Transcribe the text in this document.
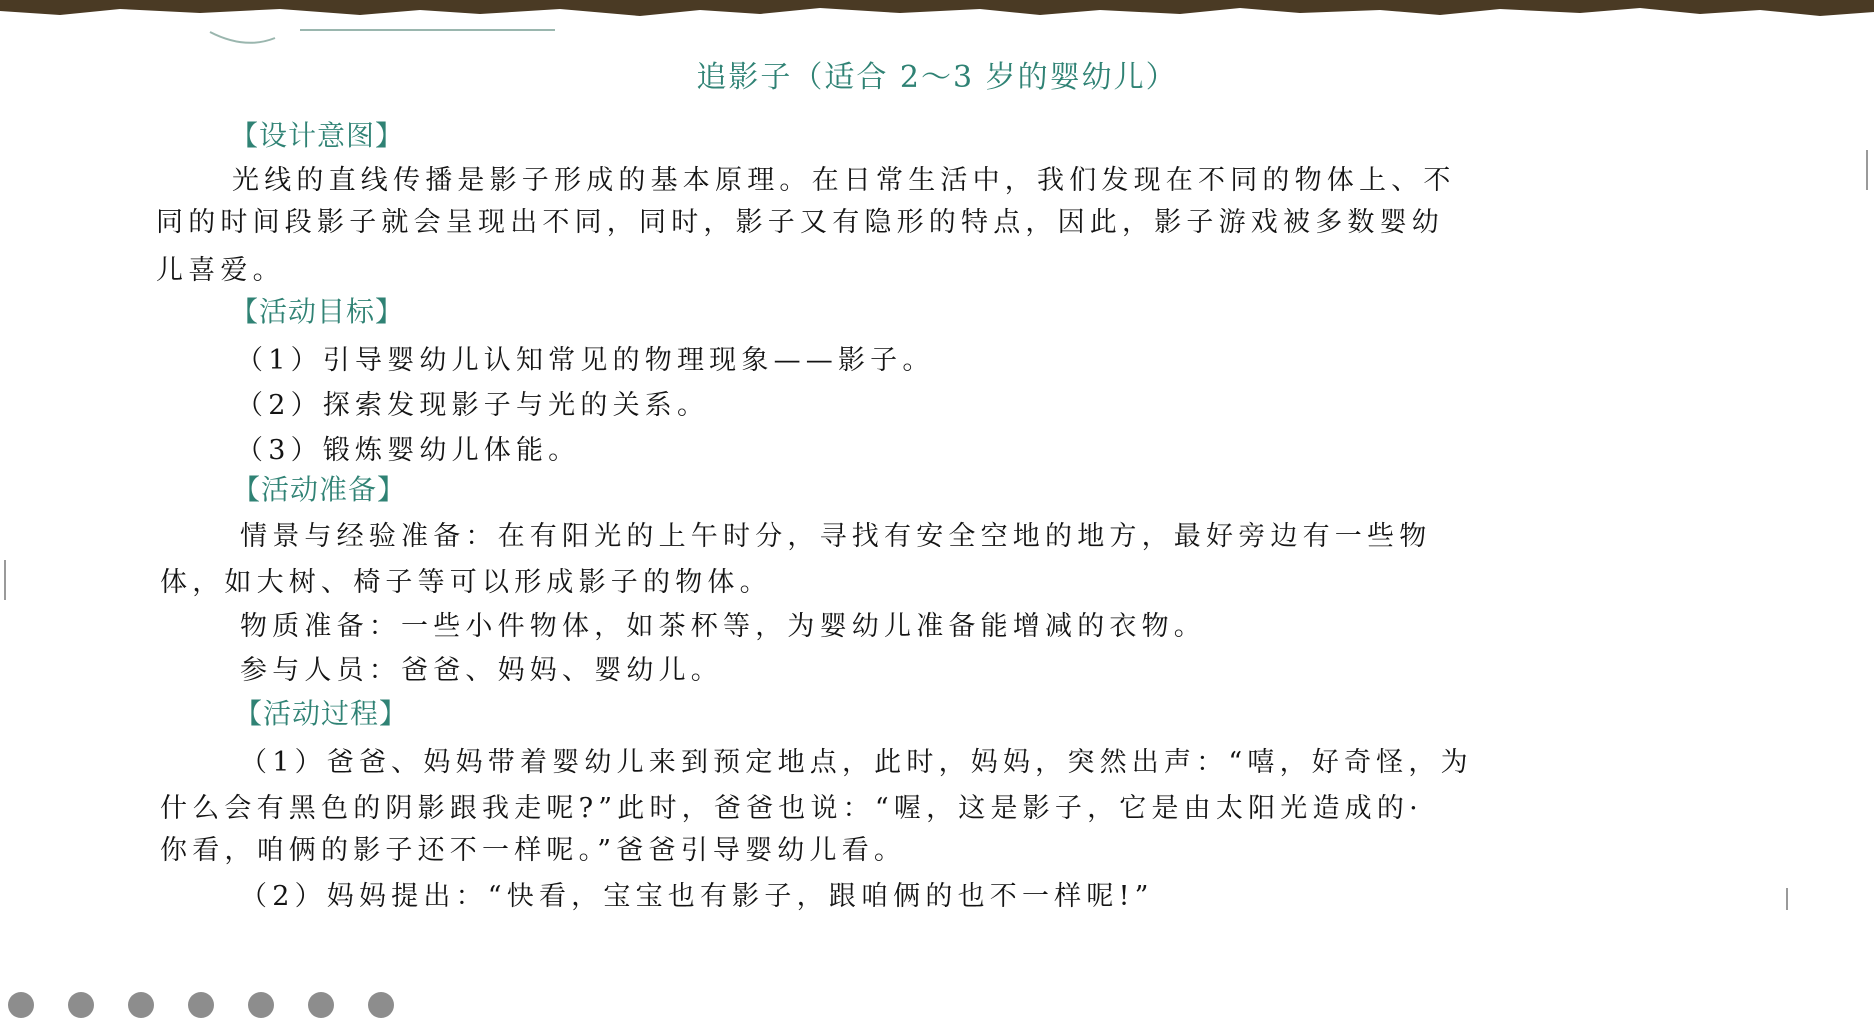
追影子（适合 2～3 岁的婴幼儿）
【设计意图】
光线的直线传播是影子形成的基本原理。在日常生活中，我们发现在不同的物体上、不
同的时间段影子就会呈现出不同，同时，影子又有隐形的特点，因此，影子游戏被多数婴幼
儿喜爱。
【活动目标】
（1）引导婴幼儿认知常见的物理现象——影子。
（2）探索发现影子与光的关系。
（3）锻炼婴幼儿体能。
【活动准备】
情景与经验准备：在有阳光的上午时分，寻找有安全空地的地方，最好旁边有一些物
体，如大树、椅子等可以形成影子的物体。
物质准备：一些小件物体，如茶杯等，为婴幼儿准备能增减的衣物。
参与人员：爸爸、妈妈、婴幼儿。
【活动过程】
（1）爸爸、妈妈带着婴幼儿来到预定地点，此时，妈妈，突然出声：“嘻，好奇怪，为
什么会有黑色的阴影跟我走呢?”此时，爸爸也说：“喔，这是影子，它是由太阳光造成的·
你看，咱俩的影子还不一样呢。”爸爸引导婴幼儿看。
（2）妈妈提出：“快看，宝宝也有影子，跟咱俩的也不一样呢!”
